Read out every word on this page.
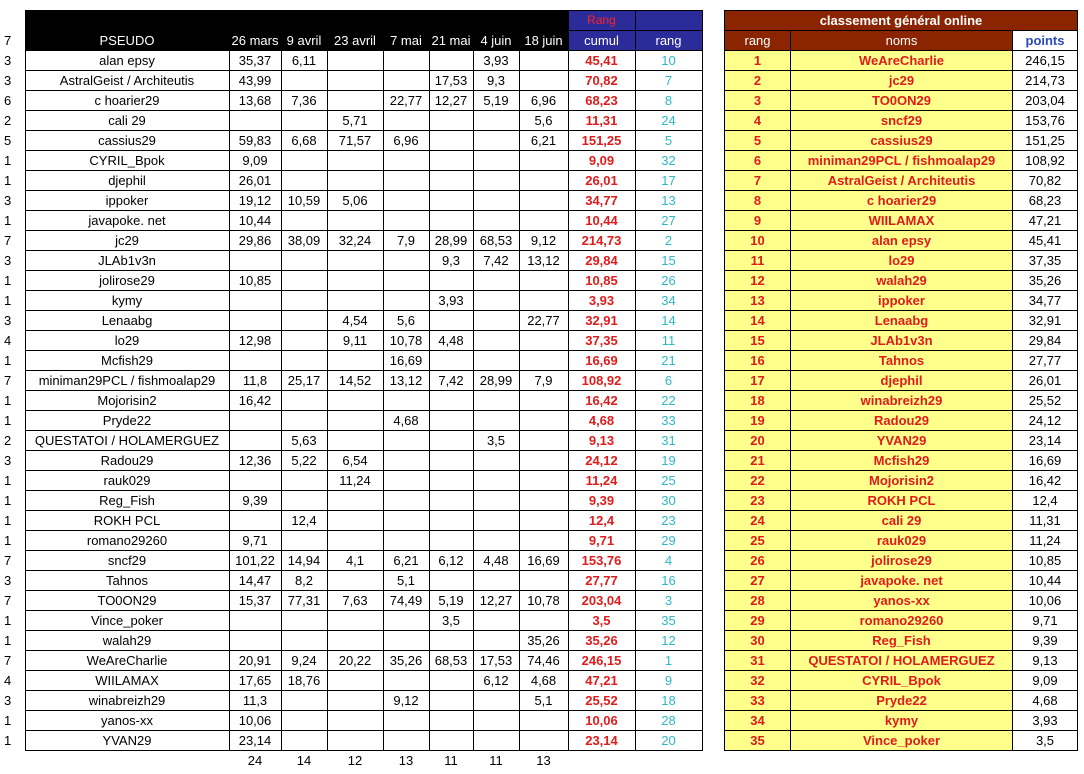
									Rang	
7	PSEUDO	26 mars	9 avril	23 avril	7 mai	21 mai	4 juin	18 juin	cumul	rang
3	alan epsy	35,37	6,11				3,93		45,41	10
3	AstralGeist / Architeutis	43,99				17,53	9,3		70,82	7
6	c hoarier29	13,68	7,36		22,77	12,27	5,19	6,96	68,23	8
2	cali 29			5,71				5,6	11,31	24
5	cassius29	59,83	6,68	71,57	6,96			6,21	151,25	5
1	CYRIL_Bpok	9,09							9,09	32
1	djephil	26,01							26,01	17
3	ippoker	19,12	10,59	5,06					34,77	13
1	javapoke. net	10,44							10,44	27
7	jc29	29,86	38,09	32,24	7,9	28,99	68,53	9,12	214,73	2
3	JLAb1v3n					9,3	7,42	13,12	29,84	15
1	jolirose29	10,85							10,85	26
1	kymy					3,93			3,93	34
3	Lenaabg			4,54	5,6			22,77	32,91	14
4	lo29	12,98		9,11	10,78	4,48			37,35	11
1	Mcfish29				16,69				16,69	21
7	miniman29PCL / fishmoalap29	11,8	25,17	14,52	13,12	7,42	28,99	7,9	108,92	6
1	Mojorisin2	16,42							16,42	22
1	Pryde22				4,68				4,68	33
2	QUESTATOI / HOLAMERGUEZ		5,63				3,5		9,13	31
3	Radou29	12,36	5,22	6,54					24,12	19
1	rauk029			11,24					11,24	25
1	Reg_Fish	9,39							9,39	30
1	ROKH PCL		12,4						12,4	23
1	romano29260	9,71							9,71	29
7	sncf29	101,22	14,94	4,1	6,21	6,12	4,48	16,69	153,76	4
3	Tahnos	14,47	8,2		5,1				27,77	16
7	TO0ON29	15,37	77,31	7,63	74,49	5,19	12,27	10,78	203,04	3
1	Vince_poker					3,5			3,5	35
1	walah29							35,26	35,26	12
7	WeAreCharlie	20,91	9,24	20,22	35,26	68,53	17,53	74,46	246,15	1
4	WIILAMAX	17,65	18,76				6,12	4,68	47,21	9
3	winabreizh29	11,3			9,12			5,1	25,52	18
1	yanos-xx	10,06							10,06	28
1	YVAN29	23,14							23,14	20
		24	14	12	13	11	11	13		
classement général online		
rang	noms	points
1	WeAreCharlie	246,15
2	jc29	214,73
3	TO0ON29	203,04
4	sncf29	153,76
5	cassius29	151,25
6	miniman29PCL / fishmoalap29	108,92
7	AstralGeist / Architeutis	70,82
8	c hoarier29	68,23
9	WIILAMAX	47,21
10	alan epsy	45,41
11	lo29	37,35
12	walah29	35,26
13	ippoker	34,77
14	Lenaabg	32,91
15	JLAb1v3n	29,84
16	Tahnos	27,77
17	djephil	26,01
18	winabreizh29	25,52
19	Radou29	24,12
20	YVAN29	23,14
21	Mcfish29	16,69
22	Mojorisin2	16,42
23	ROKH PCL	12,4
24	cali 29	11,31
25	rauk029	11,24
26	jolirose29	10,85
27	javapoke. net	10,44
28	yanos-xx	10,06
29	romano29260	9,71
30	Reg_Fish	9,39
31	QUESTATOI / HOLAMERGUEZ	9,13
32	CYRIL_Bpok	9,09
33	Pryde22	4,68
34	kymy	3,93
35	Vince_poker	3,5
